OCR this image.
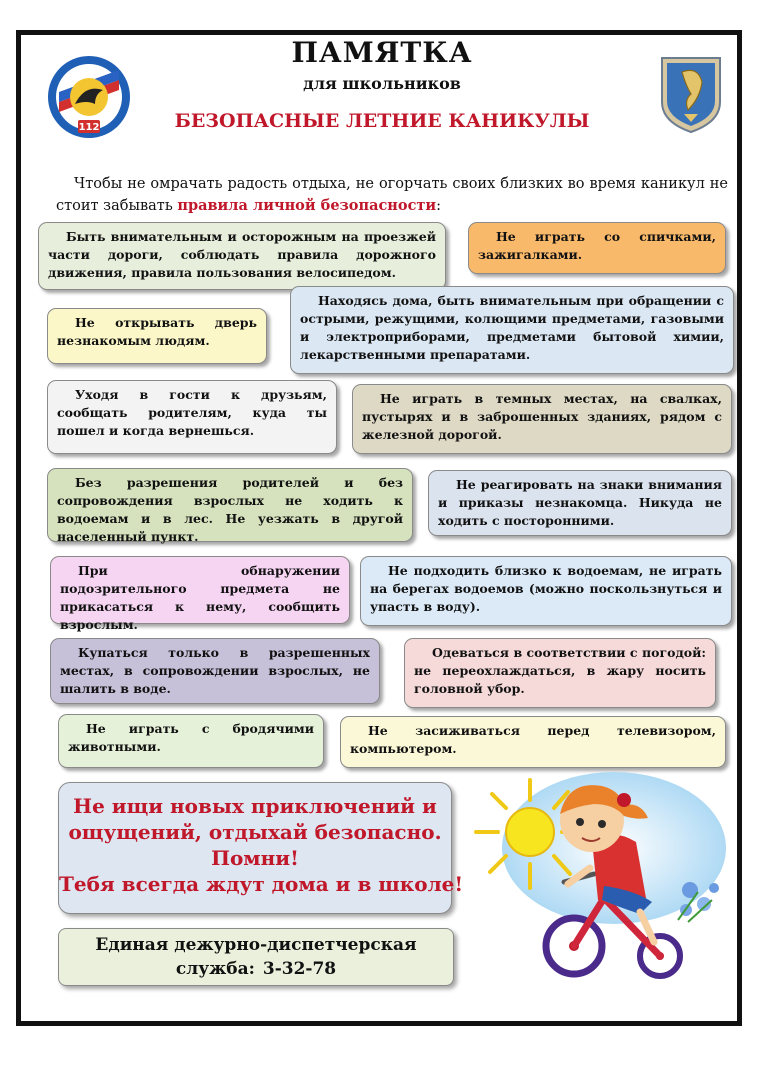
112
ПАМЯТКА
для школьников
БЕЗОПАСНЫЕ ЛЕТНИЕ КАНИКУЛЫ
Чтобы не омрачать радость отдыха, не огорчать своих близких во время каникул не стоит забывать правила личной безопасности:

Быть внимательным и осторожным на проезжей части дороги, соблюдать правила дорожного движения, правила пользования велосипедом.

Не играть со спичками, зажигалками.

Находясь дома, быть внимательным при обращении с острыми, режущими, колющими предметами, газовыми и электроприборами, предметами бытовой химии, лекарственными препаратами.

Не открывать дверь незнакомым людям.

Уходя в гости к друзьям, сообщать родителям, куда ты пошел и когда вернешься.

Не играть в темных местах, на свалках, пустырях и в заброшенных зданиях, рядом с железной дорогой.

Без разрешения родителей и без сопровождения взрослых не ходить к водоемам и в лес. Не уезжать в другой населенный пункт.

Не реагировать на знаки внимания и приказы незнакомца. Никуда не ходить с посторонними.

При обнаружении подозрительного предмета не прикасаться к нему, сообщить взрослым.

Не подходить близко к водоемам, не играть на берегах водоемов (можно поскользнуться и упасть в воду).

Купаться только в разрешенных местах, в сопровождении взрослых, не шалить в воде.

Одеваться в соответствии с погодой: не переохлаждаться, в жару носить головной убор.

Не играть с бродячими животными.

Не засиживаться перед телевизором, компьютером.

Не ищи новых приключений и
ощущений, отдыхай безопасно.
Помни!
Тебя всегда ждут дома и в школе!
Единая дежурно-диспетчерская
служба: 3-32-78
